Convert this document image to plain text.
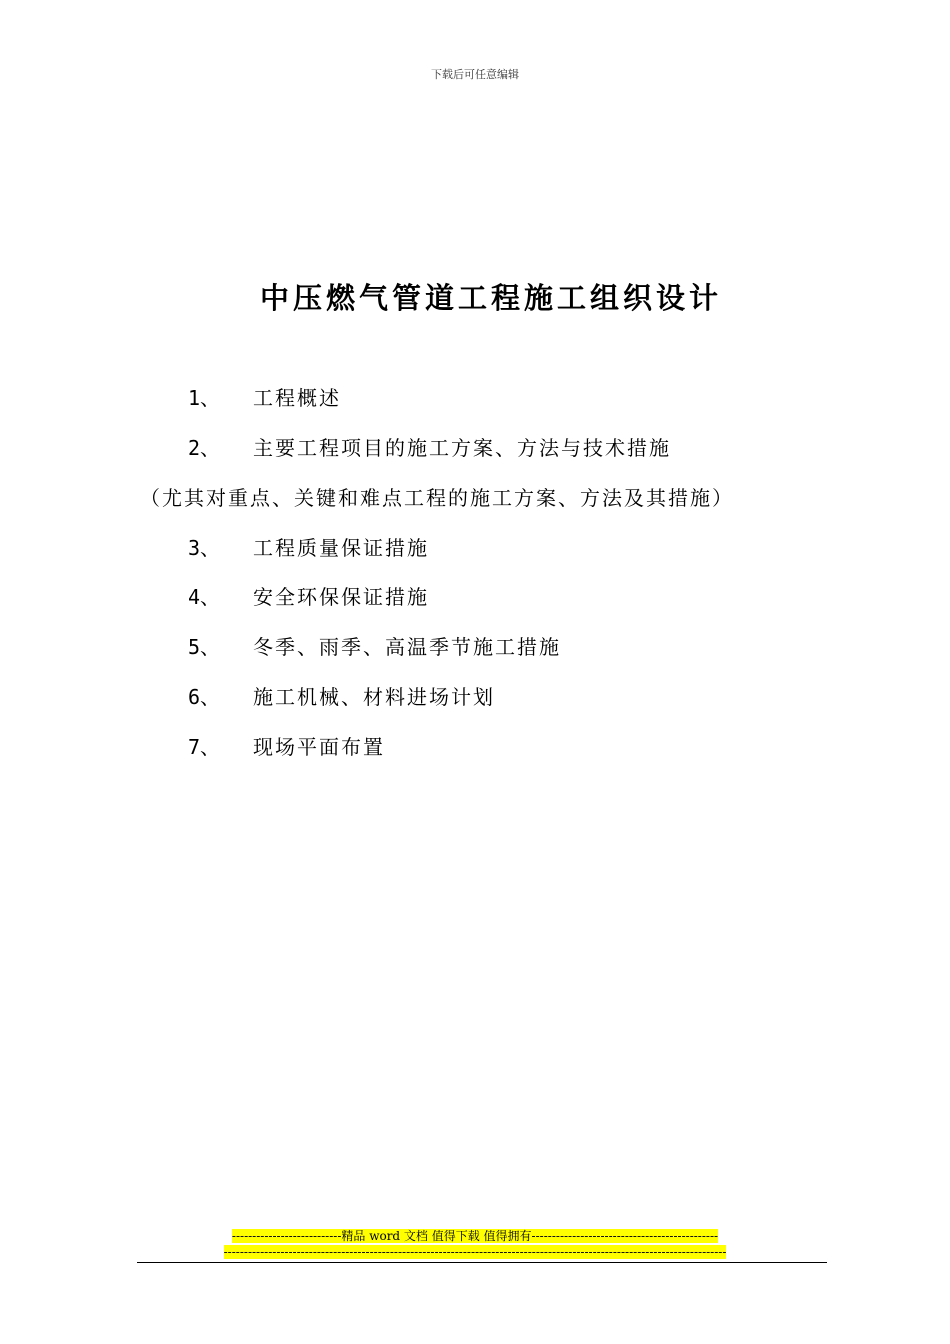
下载后可任意编辑
中压燃气管道工程施工组织设计
1、 工程概述
2、 主要工程项目的施工方案、方法与技术措施
（尤其对重点、关键和难点工程的施工方案、方法及其措施）
3、 工程质量保证措施
4、 安全环保保证措施
5、 冬季、雨季、高温季节施工措施
6、 施工机械、材料进场计划
7、 现场平面布置
---------------------------精品 word 文档 值得下载 值得拥有----------------------------------------------
----------------------------------------------------------------------------------------------------------------------------
